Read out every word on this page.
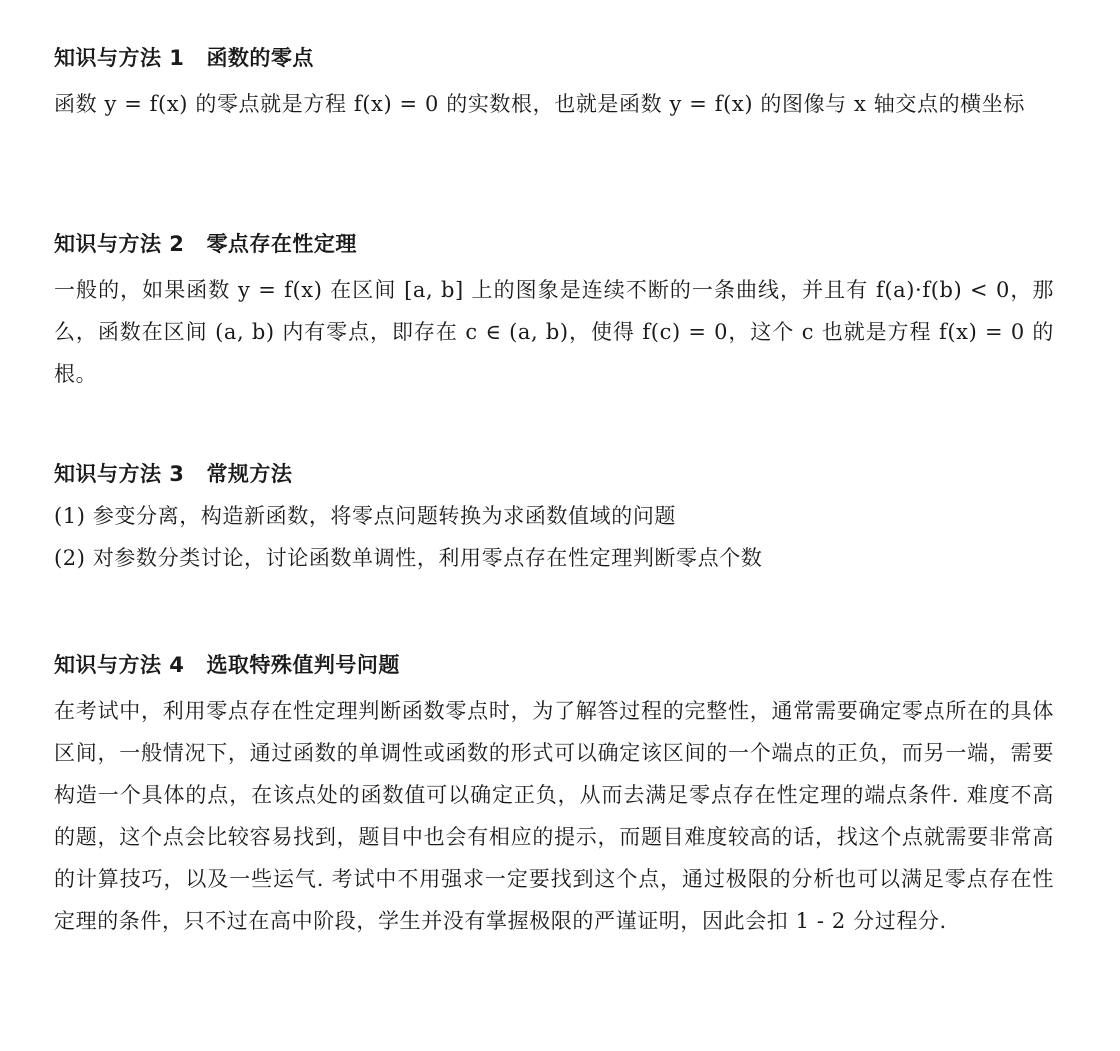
知识与方法 1 函数的零点

函数 y = f(x) 的零点就是方程 f(x) = 0 的实数根，也就是函数 y = f(x) 的图像与 x 轴交点的横坐标

知识与方法 2 零点存在性定理

一般的，如果函数 y = f(x) 在区间 [a, b] 上的图象是连续不断的一条曲线，并且有 f(a)·f(b) < 0，那么，函数在区间 (a, b) 内有零点，即存在 c ∈ (a, b)，使得 f(c) = 0，这个 c 也就是方程 f(x) = 0 的根。

知识与方法 3 常规方法

(1) 参变分离，构造新函数，将零点问题转换为求函数值域的问题

(2) 对参数分类讨论，讨论函数单调性，利用零点存在性定理判断零点个数

知识与方法 4 选取特殊值判号问题

在考试中，利用零点存在性定理判断函数零点时，为了解答过程的完整性，通常需要确定零点所在的具体区间，一般情况下，通过函数的单调性或函数的形式可以确定该区间的一个端点的正负，而另一端，需要构造一个具体的点，在该点处的函数值可以确定正负，从而去满足零点存在性定理的端点条件. 难度不高的题，这个点会比较容易找到，题目中也会有相应的提示，而题目难度较高的话，找这个点就需要非常高的计算技巧，以及一些运气. 考试中不用强求一定要找到这个点，通过极限的分析也可以满足零点存在性定理的条件，只不过在高中阶段，学生并没有掌握极限的严谨证明，因此会扣 1 - 2 分过程分.
